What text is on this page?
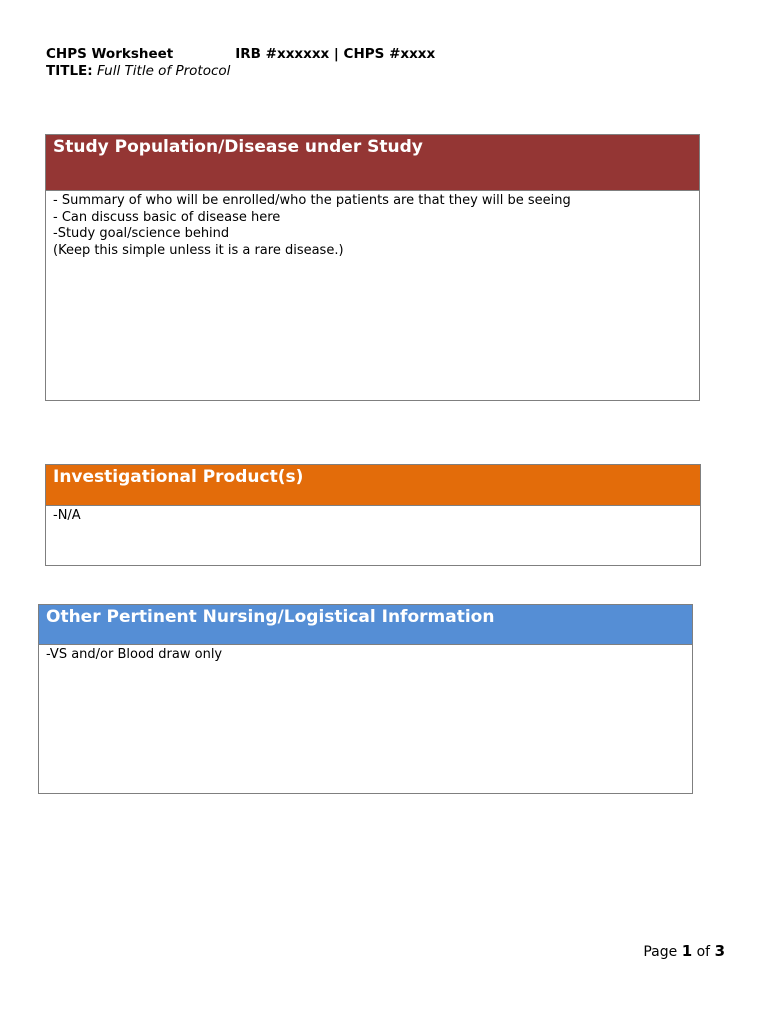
CHPS Worksheet	IRB #xxxxxx | CHPS #xxxx
TITLE: Full Title of Protocol
Study Population/Disease under Study
- Summary of who will be enrolled/who the patients are that they will be seeing
- Can discuss basic of disease here
-Study goal/science behind
(Keep this simple unless it is a rare disease.)
Investigational Product(s)
-N/A
Other Pertinent Nursing/Logistical Information
-VS and/or Blood draw only
Page 1 of 3
